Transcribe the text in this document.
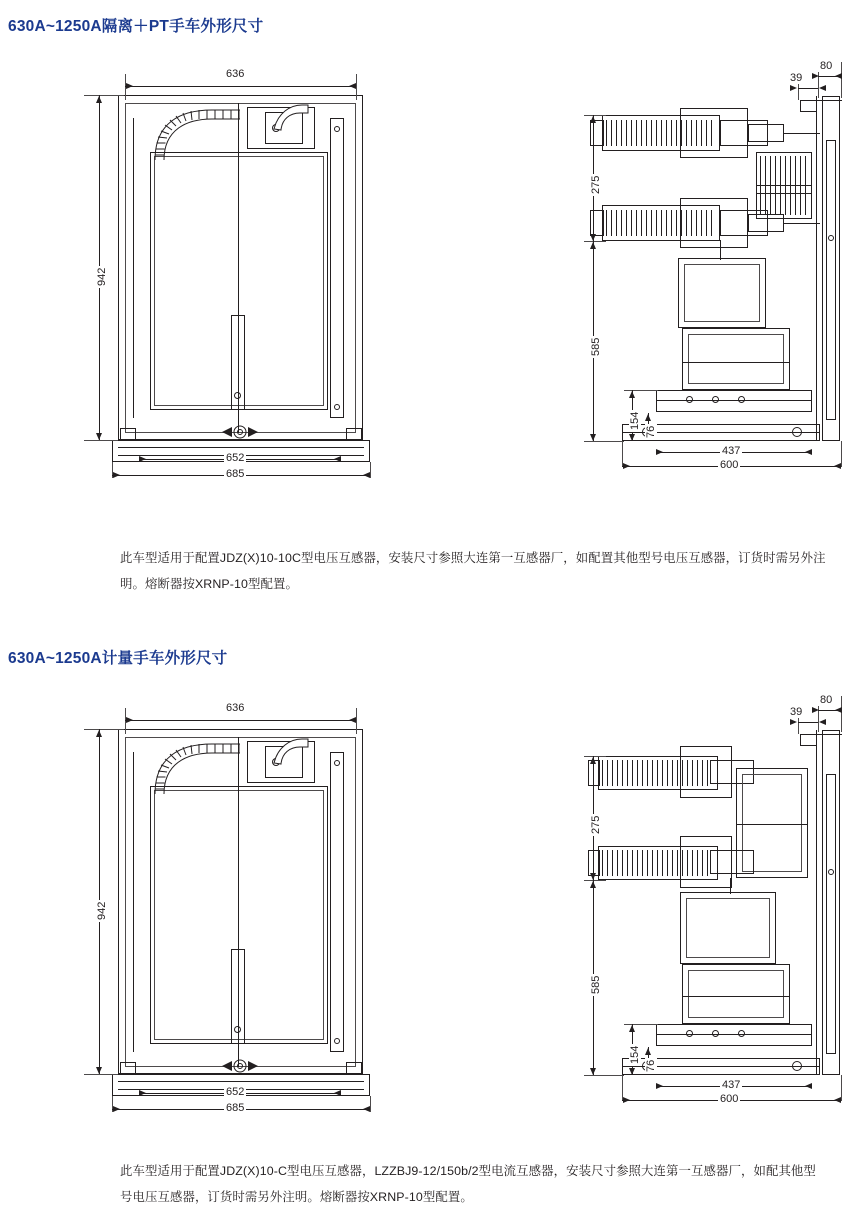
630A~1250A隔离＋PT手车外形尺寸
636
942
652
685
39
80
275
585
154
76
437
600
此车型适用于配置JDZ(X)10-10C型电压互感器，安装尺寸参照大连第一互感器厂，如配置其他型号电压互感器，订货时需另外注明。熔断器按XRNP-10型配置。
630A~1250A计量手车外形尺寸
636
942
652
685
39
80
275
585
154
76
437
600
此车型适用于配置JDZ(X)10-C型电压互感器，LZZBJ9-12/150b/2型电流互感器，安装尺寸参照大连第一互感器厂，如配其他型号电压互感器，订货时需另外注明。熔断器按XRNP-10型配置。
